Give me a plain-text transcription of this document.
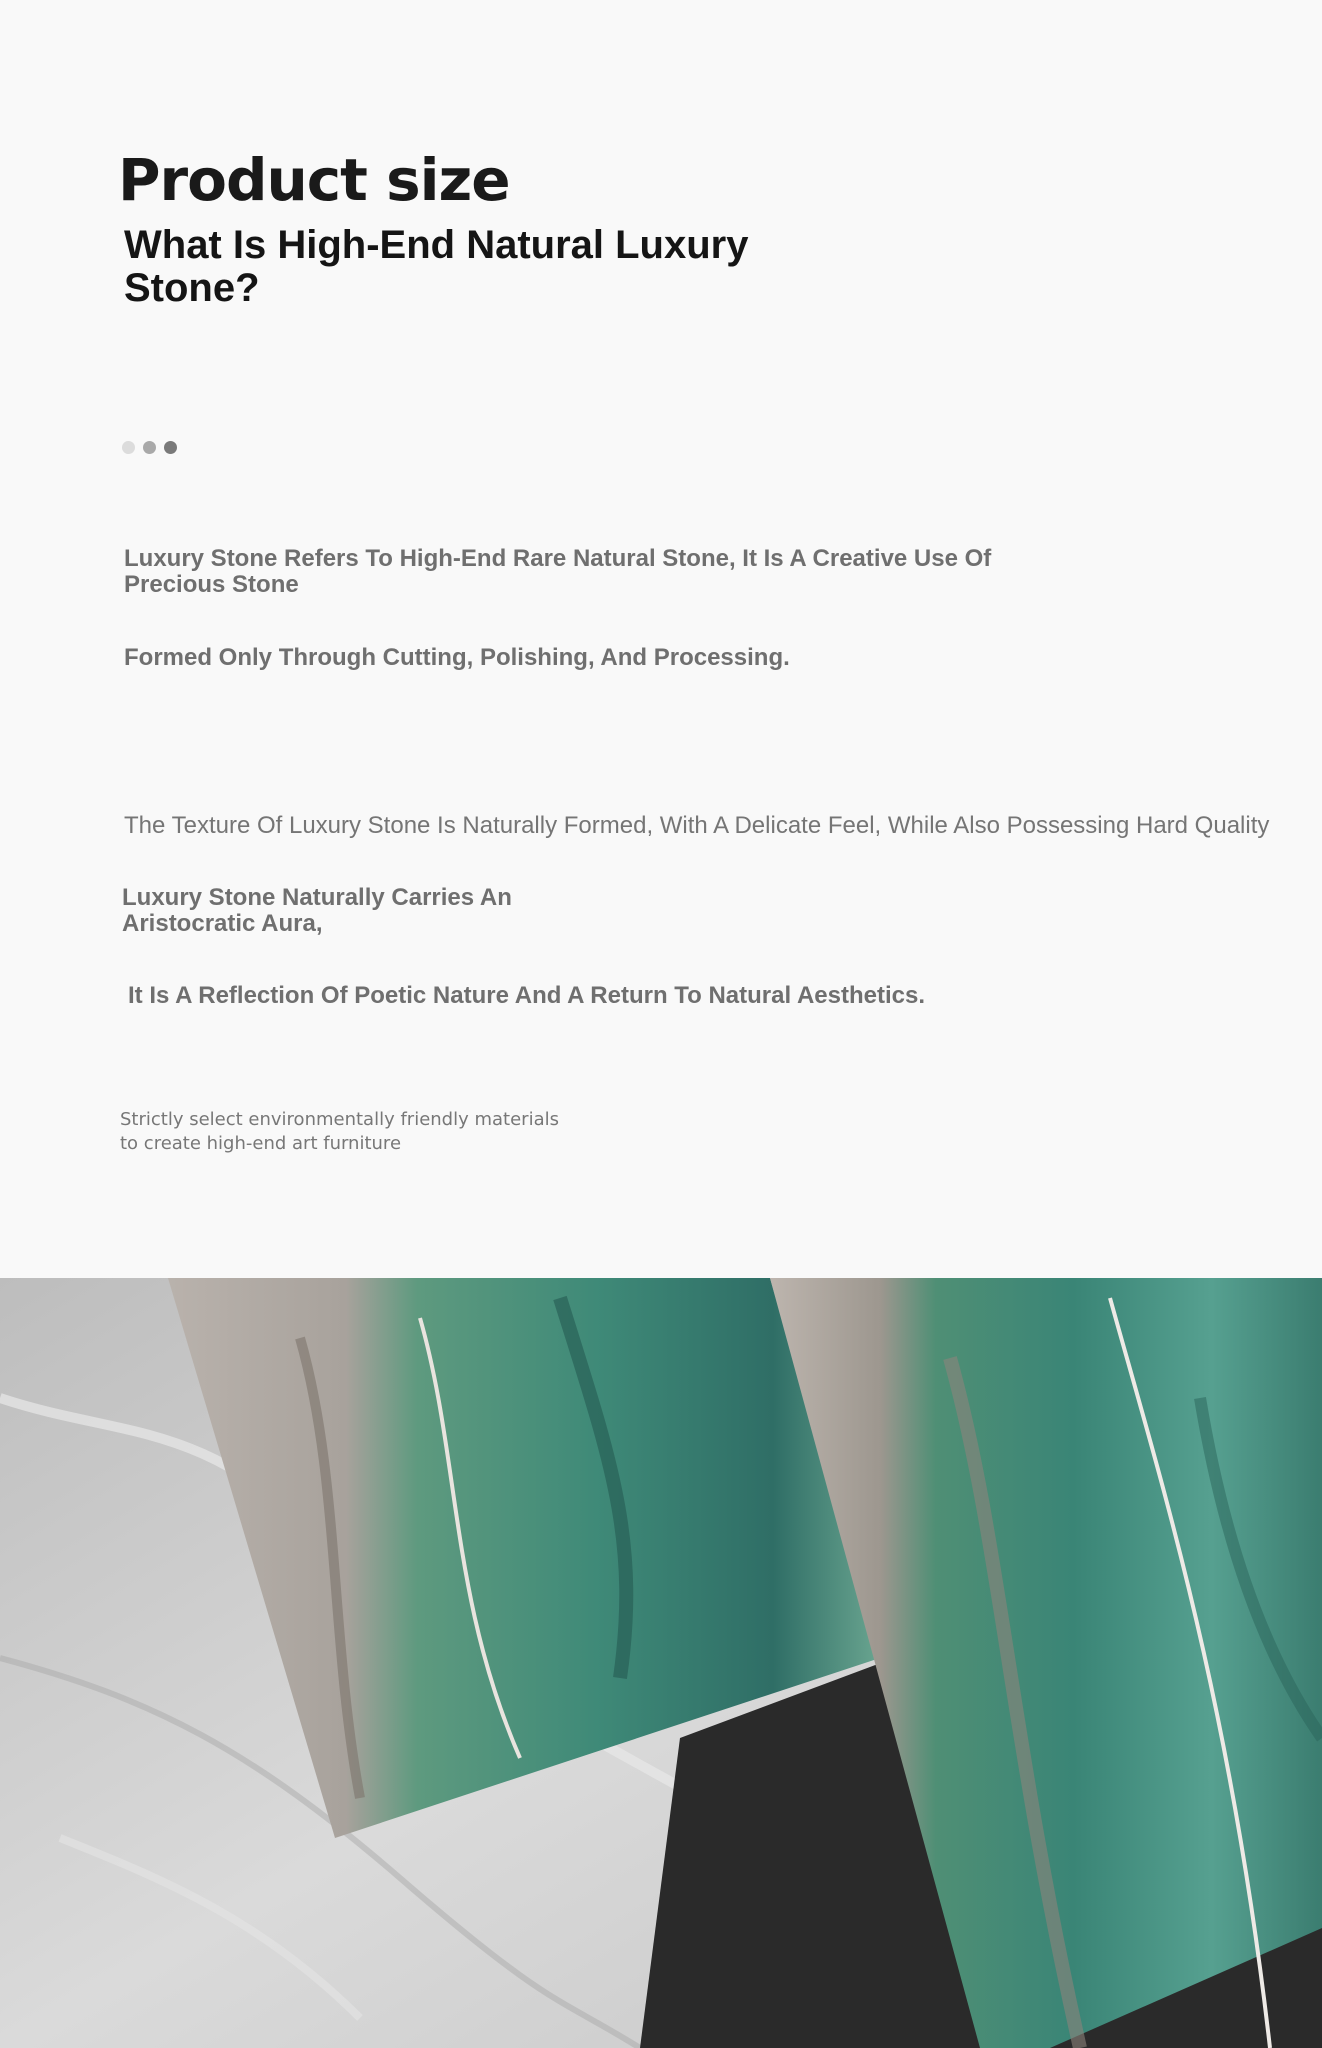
Product size
What Is High-End Natural Luxury Stone?

Luxury Stone Refers To High-End Rare Natural Stone, It Is A Creative Use Of Precious Stone

Formed Only Through Cutting, Polishing, And Processing.

The Texture Of Luxury Stone Is Naturally Formed, With A Delicate Feel, While Also Possessing Hard Quality

Luxury Stone Naturally Carries An Aristocratic Aura,

It Is A Reflection Of Poetic Nature And A Return To Natural Aesthetics.

Strictly select environmentally friendly materials
to create high-end art furniture
